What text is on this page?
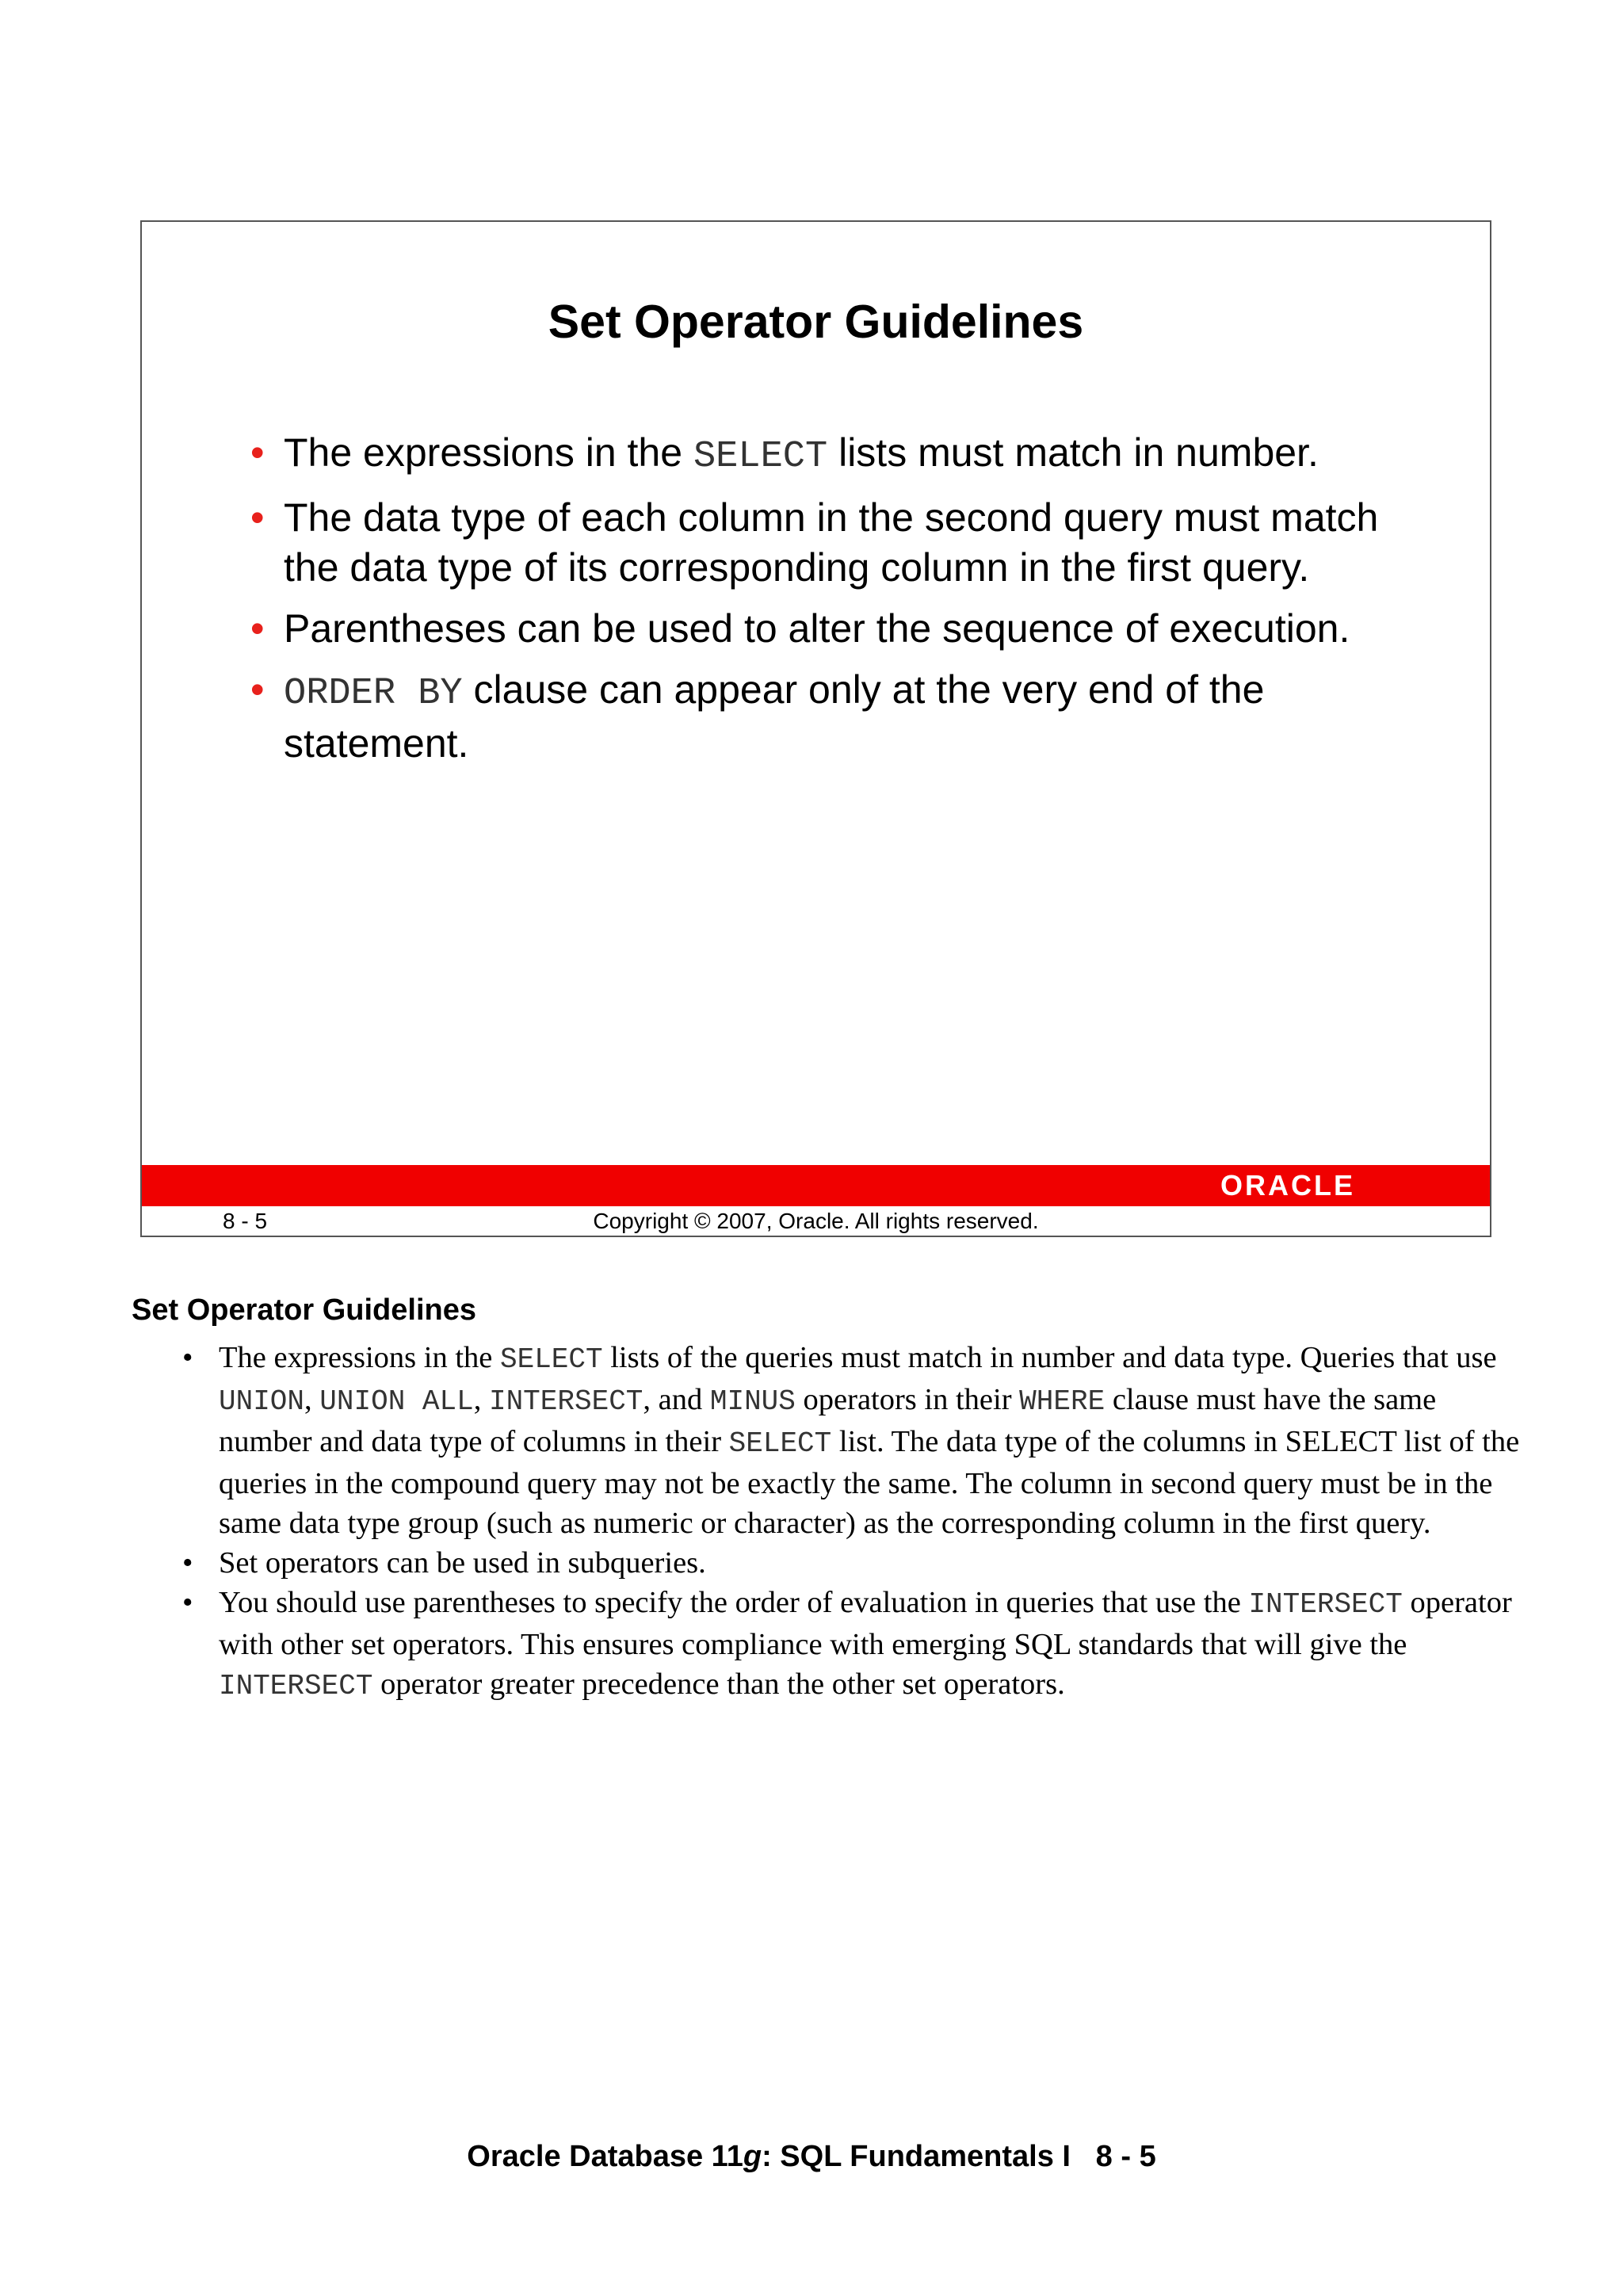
Set Operator Guidelines
• The expressions in the SELECT lists must match in number.
• The data type of each column in the second query must match the data type of its corresponding column in the first query.
• Parentheses can be used to alter the sequence of execution.
• ORDER BY clause can appear only at the very end of the statement.
ORACLE
Copyright © 2007, Oracle. All rights reserved.
8 - 5
Set Operator Guidelines
• The expressions in the SELECT lists of the queries must match in number and data type. Queries that use UNION, UNION ALL, INTERSECT, and MINUS operators in their WHERE clause must have the same number and data type of columns in their SELECT list. The data type of the columns in SELECT list of the queries in the compound query may not be exactly the same. The column in second query must be in the same data type group (such as numeric or character) as the corresponding column in the first query.
• Set operators can be used in subqueries.
• You should use parentheses to specify the order of evaluation in queries that use the INTERSECT operator with other set operators. This ensures compliance with emerging SQL standards that will give the INTERSECT operator greater precedence than the other set operators.
Oracle Database 11g: SQL Fundamentals I   8 - 5
